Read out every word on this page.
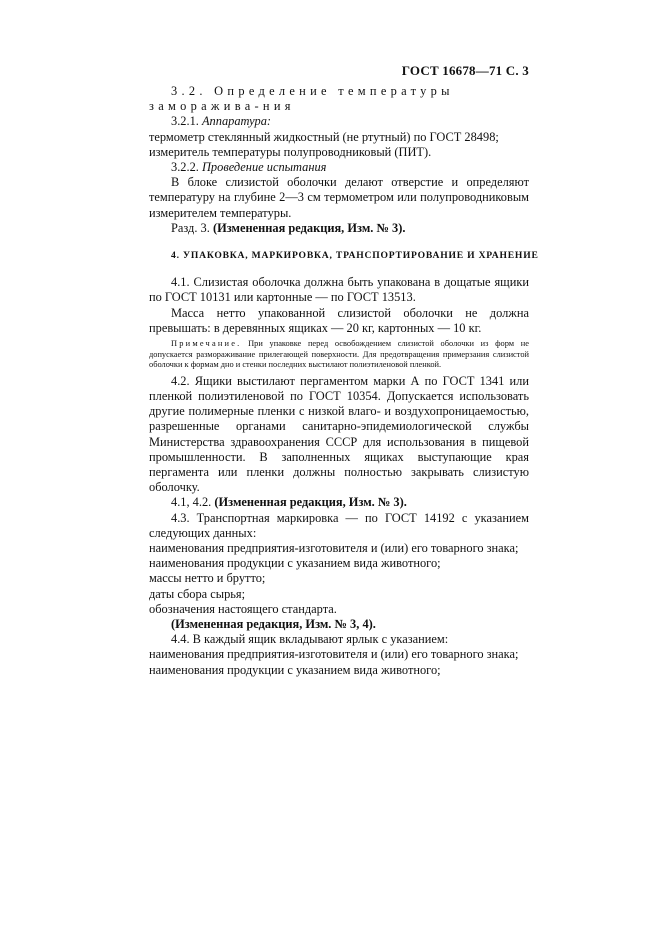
ГОСТ 16678—71 С. 3

3.2. Определение температуры заморажива-ния

3.2.1. Аппаратура:

термометр стеклянный жидкостный (не ртутный) по ГОСТ 28498;

измеритель температуры полупроводниковый (ПИТ).

3.2.2. Проведение испытания

В блоке слизистой оболочки делают отверстие и определяют температуру на глубине 2—3 см термометром или полупроводниковым измерителем температуры.

Разд. 3. (Измененная редакция, Изм. № 3).

4. УПАКОВКА, МАРКИРОВКА, ТРАНСПОРТИРОВАНИЕ И ХРАНЕНИЕ

4.1. Слизистая оболочка должна быть упакована в дощатые ящики по ГОСТ 10131 или картонные — по ГОСТ 13513.

Масса нетто упакованной слизистой оболочки не должна превышать: в деревянных ящиках — 20 кг, картонных — 10 кг.

Примечание. При упаковке перед освобождением слизистой оболочки из форм не допускается размораживание прилегающей поверхности. Для предотвращения примерзания слизистой оболочки к формам дно и стенки последних выстилают полиэтиленовой пленкой.

4.2. Ящики выстилают пергаментом марки А по ГОСТ 1341 или пленкой полиэтиленовой по ГОСТ 10354. Допускается использовать другие полимерные пленки с низкой влаго- и воздухопроницаемостью, разрешенные органами санитарно-эпидемиологической службы Министерства здравоохранения СССР для использования в пищевой промышленности. В заполненных ящиках выступающие края пергамента или пленки должны полностью закрывать слизистую оболочку.

4.1, 4.2. (Измененная редакция, Изм. № 3).

4.3. Транспортная маркировка — по ГОСТ 14192 с указанием следующих данных:

наименования предприятия-изготовителя и (или) его товарного знака;

наименования продукции с указанием вида животного;

массы нетто и брутто;

даты сбора сырья;

обозначения настоящего стандарта.

(Измененная редакция, Изм. № 3, 4).

4.4. В каждый ящик вкладывают ярлык с указанием:

наименования предприятия-изготовителя и (или) его товарного знака;

наименования продукции с указанием вида животного;
